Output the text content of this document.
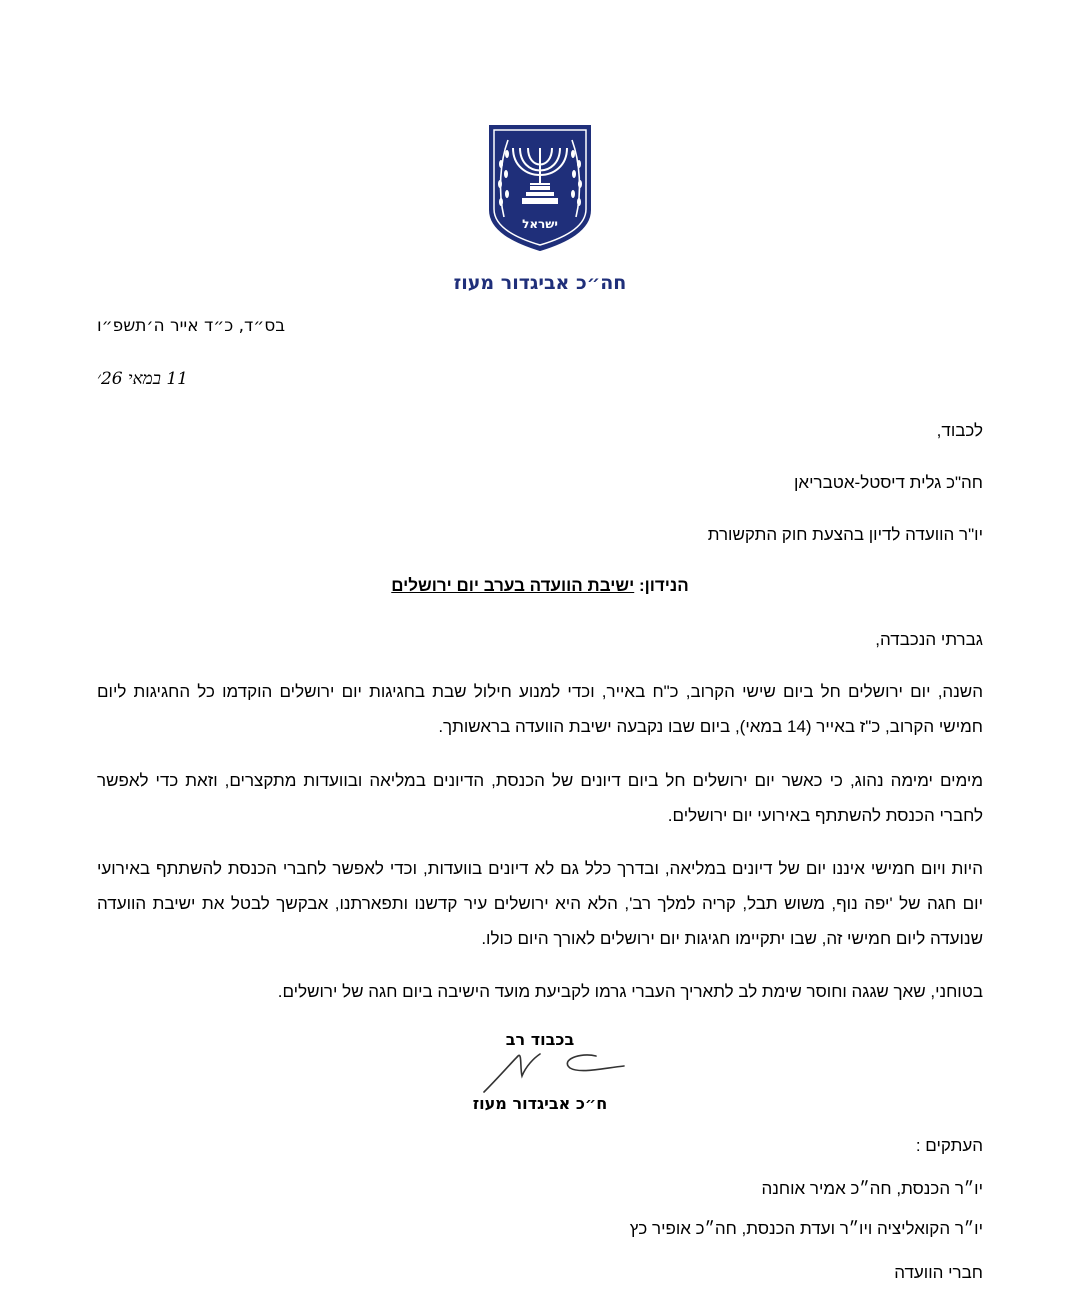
ישראל
חה״כ אביגדור מעוז
בס״ד, כ״ד אייר ה׳תשפ״ו
11 במאי 26׳
לכבוד,
חה"כ גלית דיסטל-אטבריאן
יו"ר הוועדה לדיון בהצעת חוק התקשורת
הנידון: ישיבת הוועדה בערב יום ירושלים
גברתי הנכבדה,
השנה, יום ירושלים חל ביום שישי הקרוב, כ"ח באייר, וכדי למנוע חילול שבת בחגיגות יום ירושלים הוקדמו כל החגיגות ליום חמישי הקרוב, כ"ז באייר (14 במאי), ביום שבו נקבעה ישיבת הוועדה בראשותך.
מימים ימימה נהוג, כי כאשר יום ירושלים חל ביום דיונים של הכנסת, הדיונים במליאה ובוועדות מתקצרים, וזאת כדי לאפשר לחברי הכנסת להשתתף באירועי יום ירושלים.
היות ויום חמישי איננו יום של דיונים במליאה, ובדרך כלל גם לא דיונים בוועדות, וכדי לאפשר לחברי הכנסת להשתתף באירועי יום חגה של 'יפה נוף, משוש תבל, קריה למלך רב', הלא היא ירושלים עיר קדשנו ותפארתנו, אבקשך לבטל את ישיבת הוועדה שנועדה ליום חמישי זה, שבו יתקיימו חגיגות יום ירושלים לאורך היום כולו.
בטוחני, שאך שגגה וחוסר שימת לב לתאריך העברי גרמו לקביעת מועד הישיבה ביום חגה של ירושלים.
בכבוד רב
ח״כ אביגדור מעוז
העתקים :
יו״ר הכנסת, חה״כ אמיר אוחנה
יו״ר הקואליציה ויו״ר ועדת הכנסת, חה״כ אופיר כץ
חברי הוועדה
